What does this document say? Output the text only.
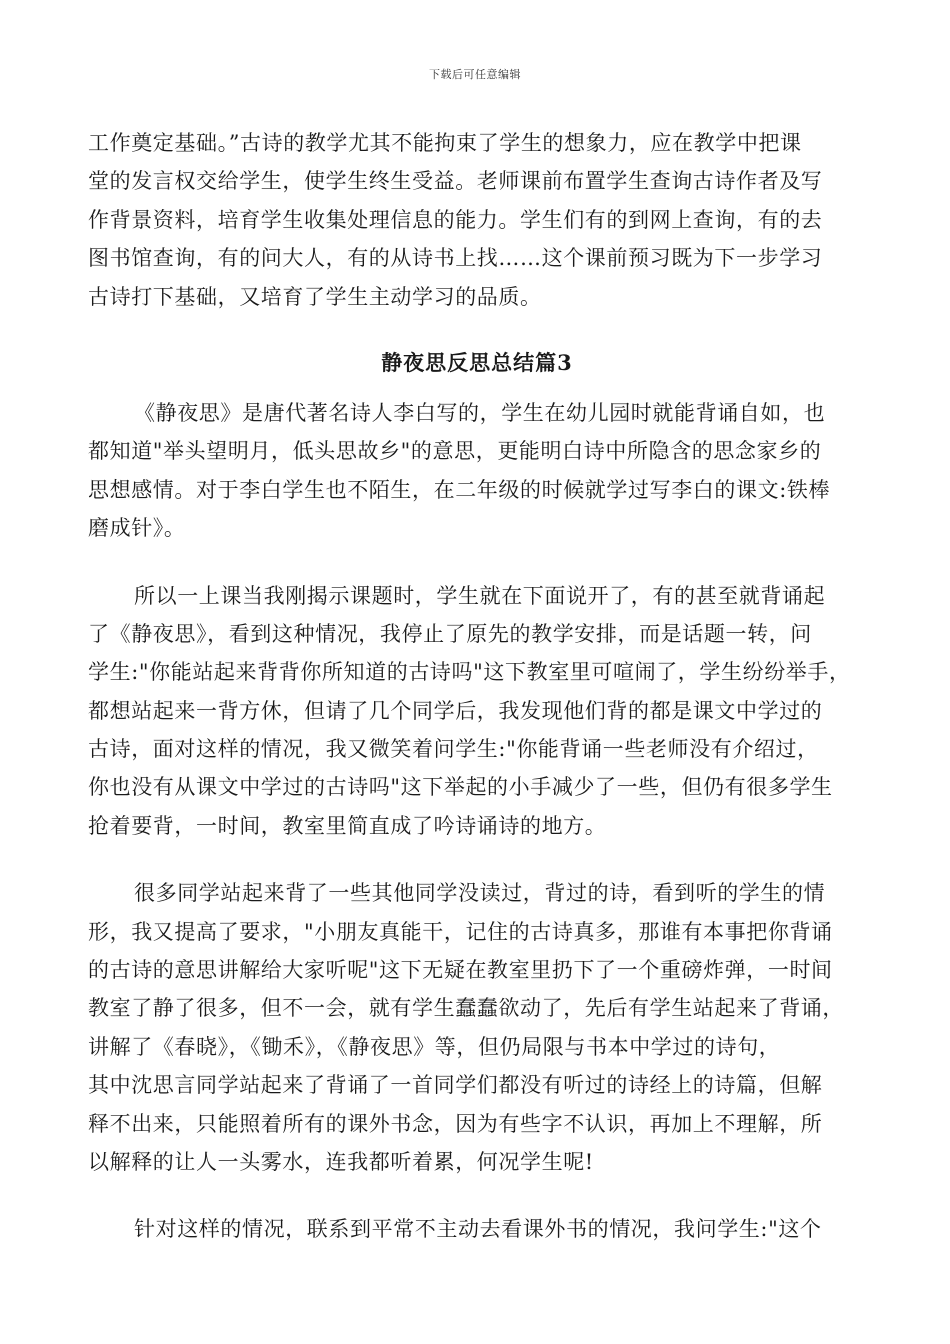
下载后可任意编辑
工作奠定基础。”古诗的教学尤其不能拘束了学生的想象力，应在教学中把课
堂的发言权交给学生，使学生终生受益。老师课前布置学生查询古诗作者及写
作背景资料，培育学生收集处理信息的能力。学生们有的到网上查询，有的去
图书馆查询，有的问大人，有的从诗书上找……这个课前预习既为下一步学习
古诗打下基础，又培育了学生主动学习的品质。
静夜思反思总结篇3
《静夜思》是唐代著名诗人李白写的，学生在幼儿园时就能背诵自如，也
都知道"举头望明月，低头思故乡"的意思，更能明白诗中所隐含的思念家乡的
思想感情。对于李白学生也不陌生，在二年级的时候就学过写李白的课文:铁棒
磨成针》。
所以一上课当我刚揭示课题时，学生就在下面说开了，有的甚至就背诵起
了《静夜思》，看到这种情况，我停止了原先的教学安排，而是话题一转，问
学生:"你能站起来背背你所知道的古诗吗"这下教室里可喧闹了，学生纷纷举手，
都想站起来一背方休，但请了几个同学后，我发现他们背的都是课文中学过的
古诗，面对这样的情况，我又微笑着问学生:"你能背诵一些老师没有介绍过，
你也没有从课文中学过的古诗吗"这下举起的小手减少了一些，但仍有很多学生
抢着要背，一时间，教室里简直成了吟诗诵诗的地方。
很多同学站起来背了一些其他同学没读过，背过的诗，看到听的学生的情
形，我又提高了要求，"小朋友真能干，记住的古诗真多，那谁有本事把你背诵
的古诗的意思讲解给大家听呢"这下无疑在教室里扔下了一个重磅炸弹，一时间
教室了静了很多，但不一会，就有学生蠢蠢欲动了，先后有学生站起来了背诵，
讲解了《春晓》，《锄禾》，《静夜思》等，但仍局限与书本中学过的诗句，
其中沈思言同学站起来了背诵了一首同学们都没有听过的诗经上的诗篇，但解
释不出来，只能照着所有的课外书念，因为有些字不认识，再加上不理解，所
以解释的让人一头雾水，连我都听着累，何况学生呢!
针对这样的情况，联系到平常不主动去看课外书的情况，我问学生:"这个
